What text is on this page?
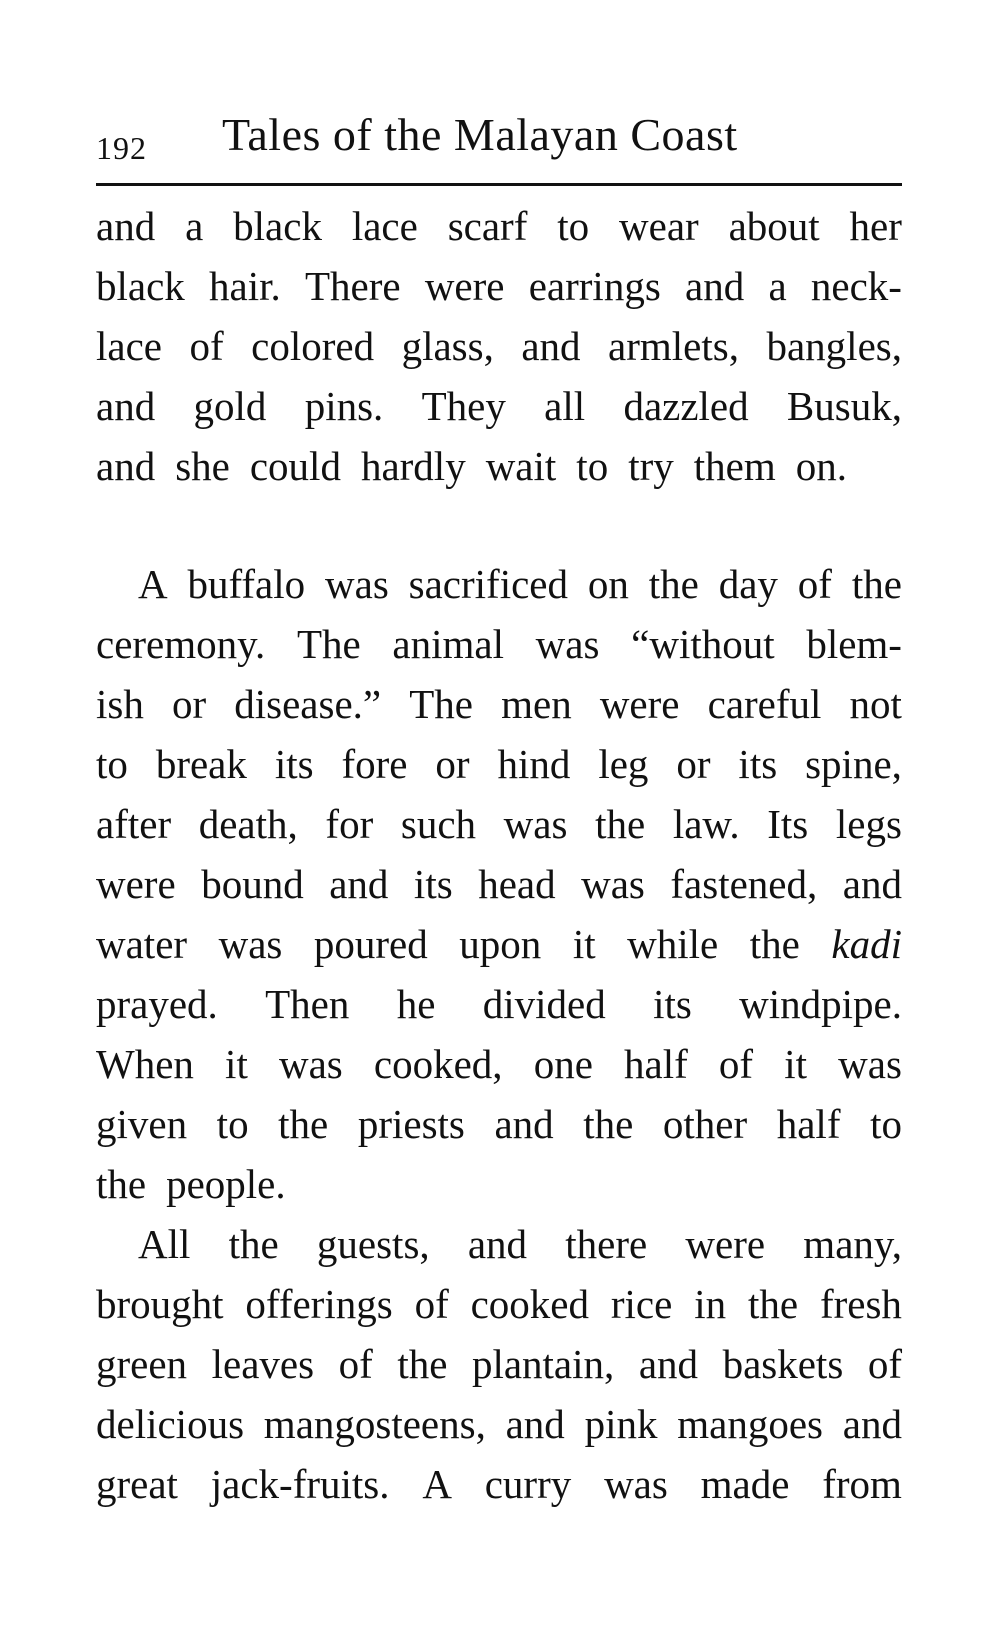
192 Tales of the Malayan Coast
and a black lace scarf to wear about her
black hair. There were earrings and a neck-
lace of colored glass, and armlets, bangles,
and gold pins. They all dazzled Busuk,
and she could hardly wait to try them on.
A buffalo was sacrificed on the day of the
ceremony. The animal was “without blem-
ish or disease.” The men were careful not
to break its fore or hind leg or its spine,
after death, for such was the law. Its legs
were bound and its head was fastened, and
water was poured upon it while the kadi
prayed. Then he divided its windpipe.
When it was cooked, one half of it was
given to the priests and the other half to
the people.
All the guests, and there were many,
brought offerings of cooked rice in the fresh
green leaves of the plantain, and baskets of
delicious mangosteens, and pink mangoes and
great jack-fruits. A curry was made from
